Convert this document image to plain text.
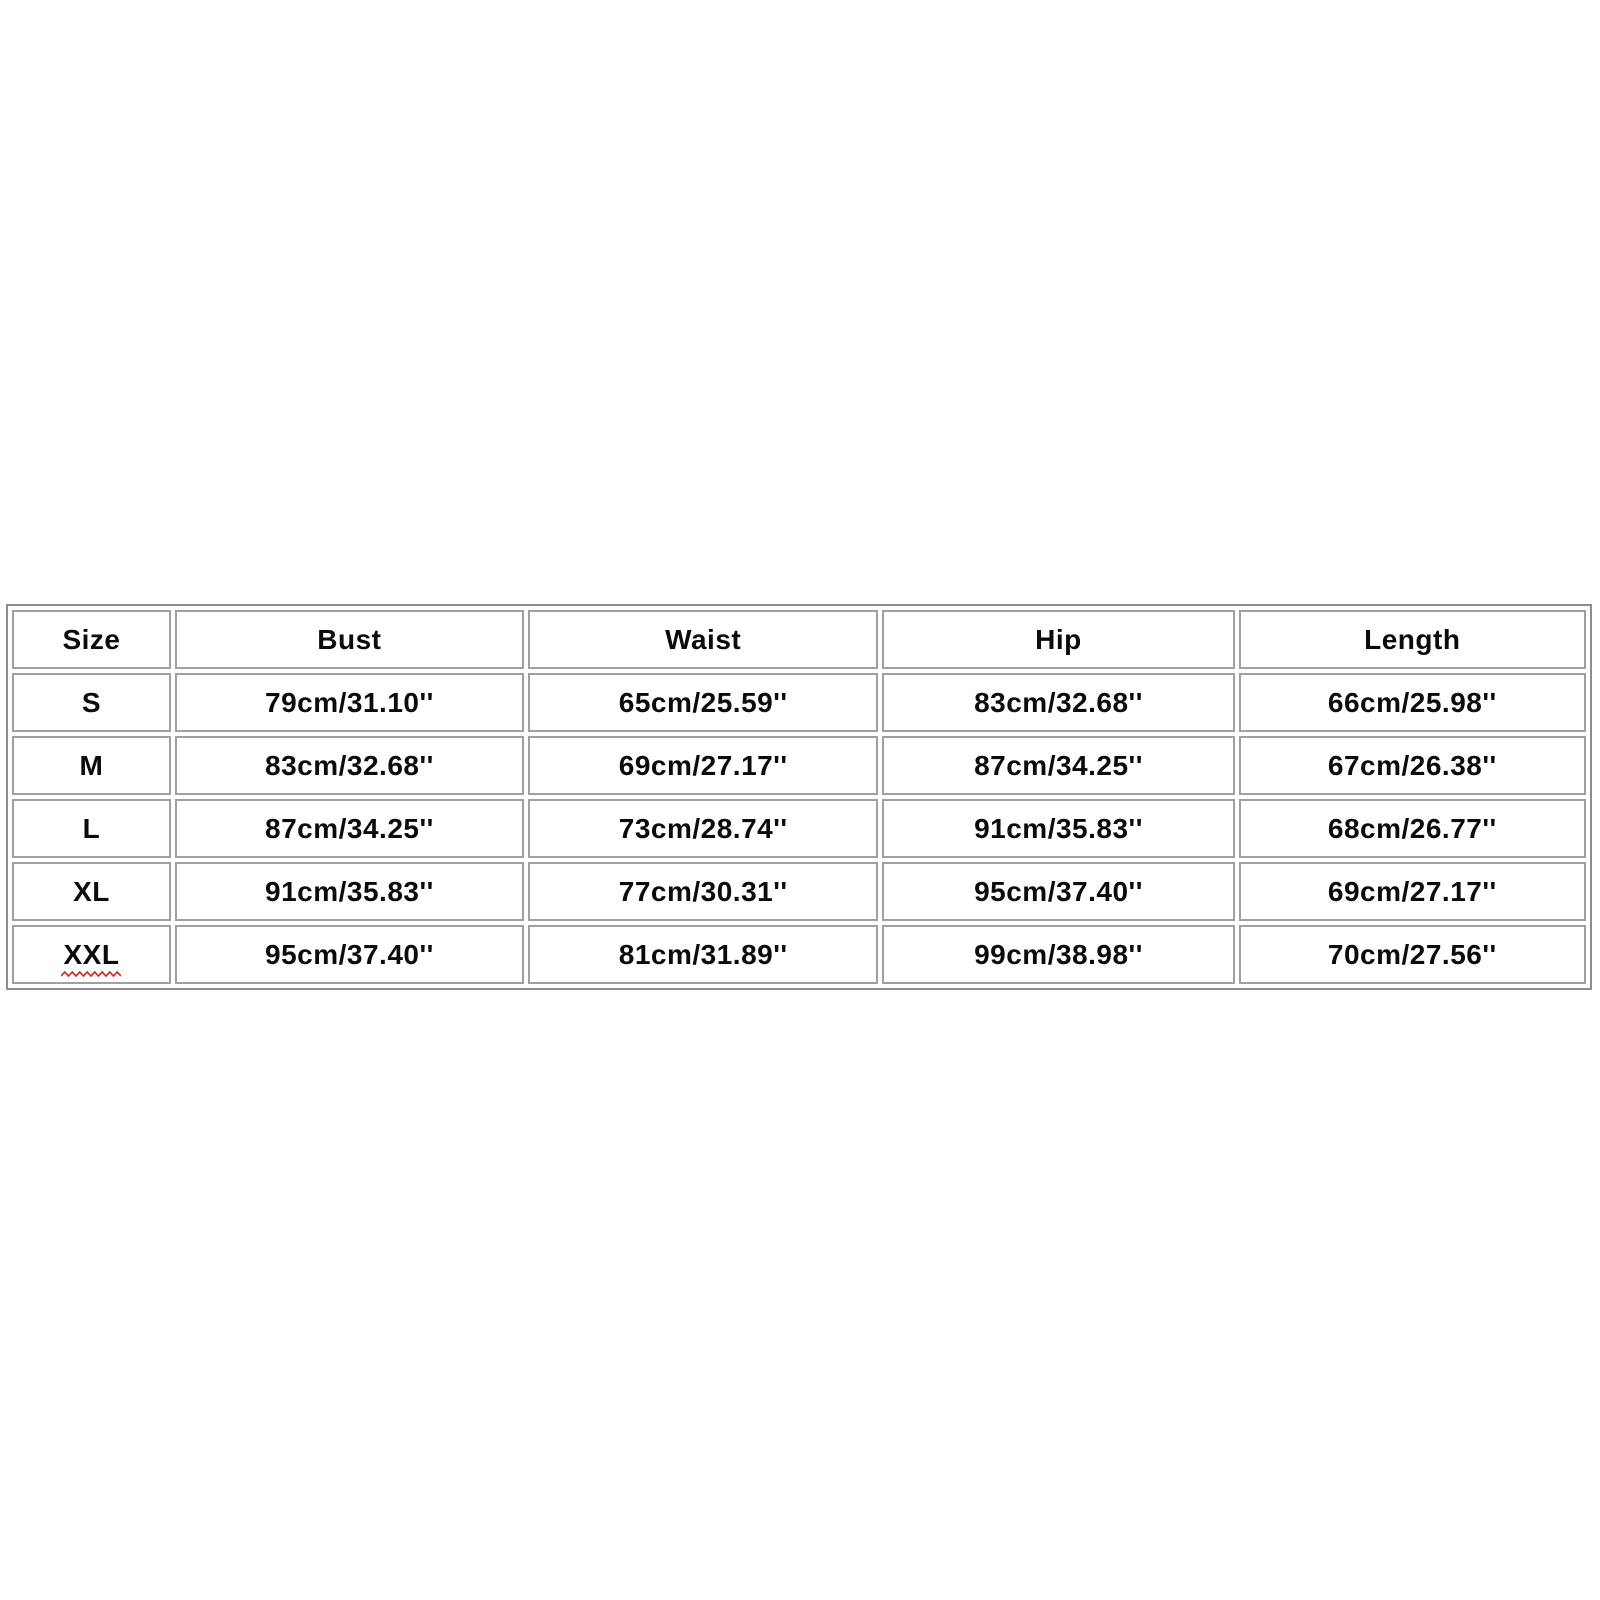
Size	Bust	Waist	Hip	Length
S	79cm/31.10''	65cm/25.59''	83cm/32.68''	66cm/25.98''
M	83cm/32.68''	69cm/27.17''	87cm/34.25''	67cm/26.38''
L	87cm/34.25''	73cm/28.74''	91cm/35.83''	68cm/26.77''
XL	91cm/35.83''	77cm/30.31''	95cm/37.40''	69cm/27.17''
XXL	95cm/37.40''	81cm/31.89''	99cm/38.98''	70cm/27.56''
